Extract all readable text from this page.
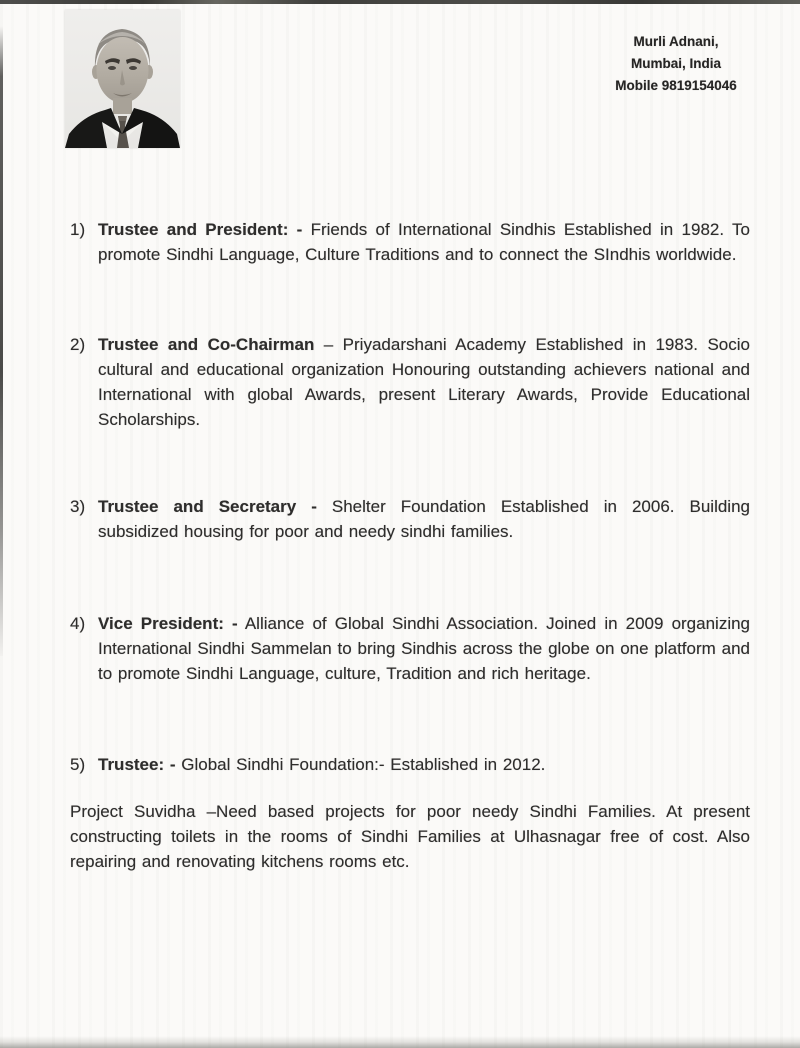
Murli Adnani,
Mumbai, India
Mobile 9819154046
1) Trustee and President: - Friends of International Sindhis Established in 1982. To promote Sindhi Language, Culture Traditions and to connect the SIndhis worldwide.
2) Trustee and Co-Chairman – Priyadarshani Academy Established in 1983. Socio cultural and educational organization Honouring outstanding achievers national and International with global Awards, present Literary Awards, Provide Educational Scholarships.
3) Trustee and Secretary - Shelter Foundation Established in 2006. Building subsidized housing for poor and needy sindhi families.
4) Vice President: - Alliance of Global Sindhi Association. Joined in 2009 organizing International Sindhi Sammelan to bring Sindhis across the globe on one platform and to promote Sindhi Language, culture, Tradition and rich heritage.
5) Trustee: - Global Sindhi Foundation:- Established in 2012.

Project Suvidha –Need based projects for poor needy Sindhi Families. At present constructing toilets in the rooms of Sindhi Families at Ulhasnagar free of cost. Also repairing and renovating kitchens rooms etc.
